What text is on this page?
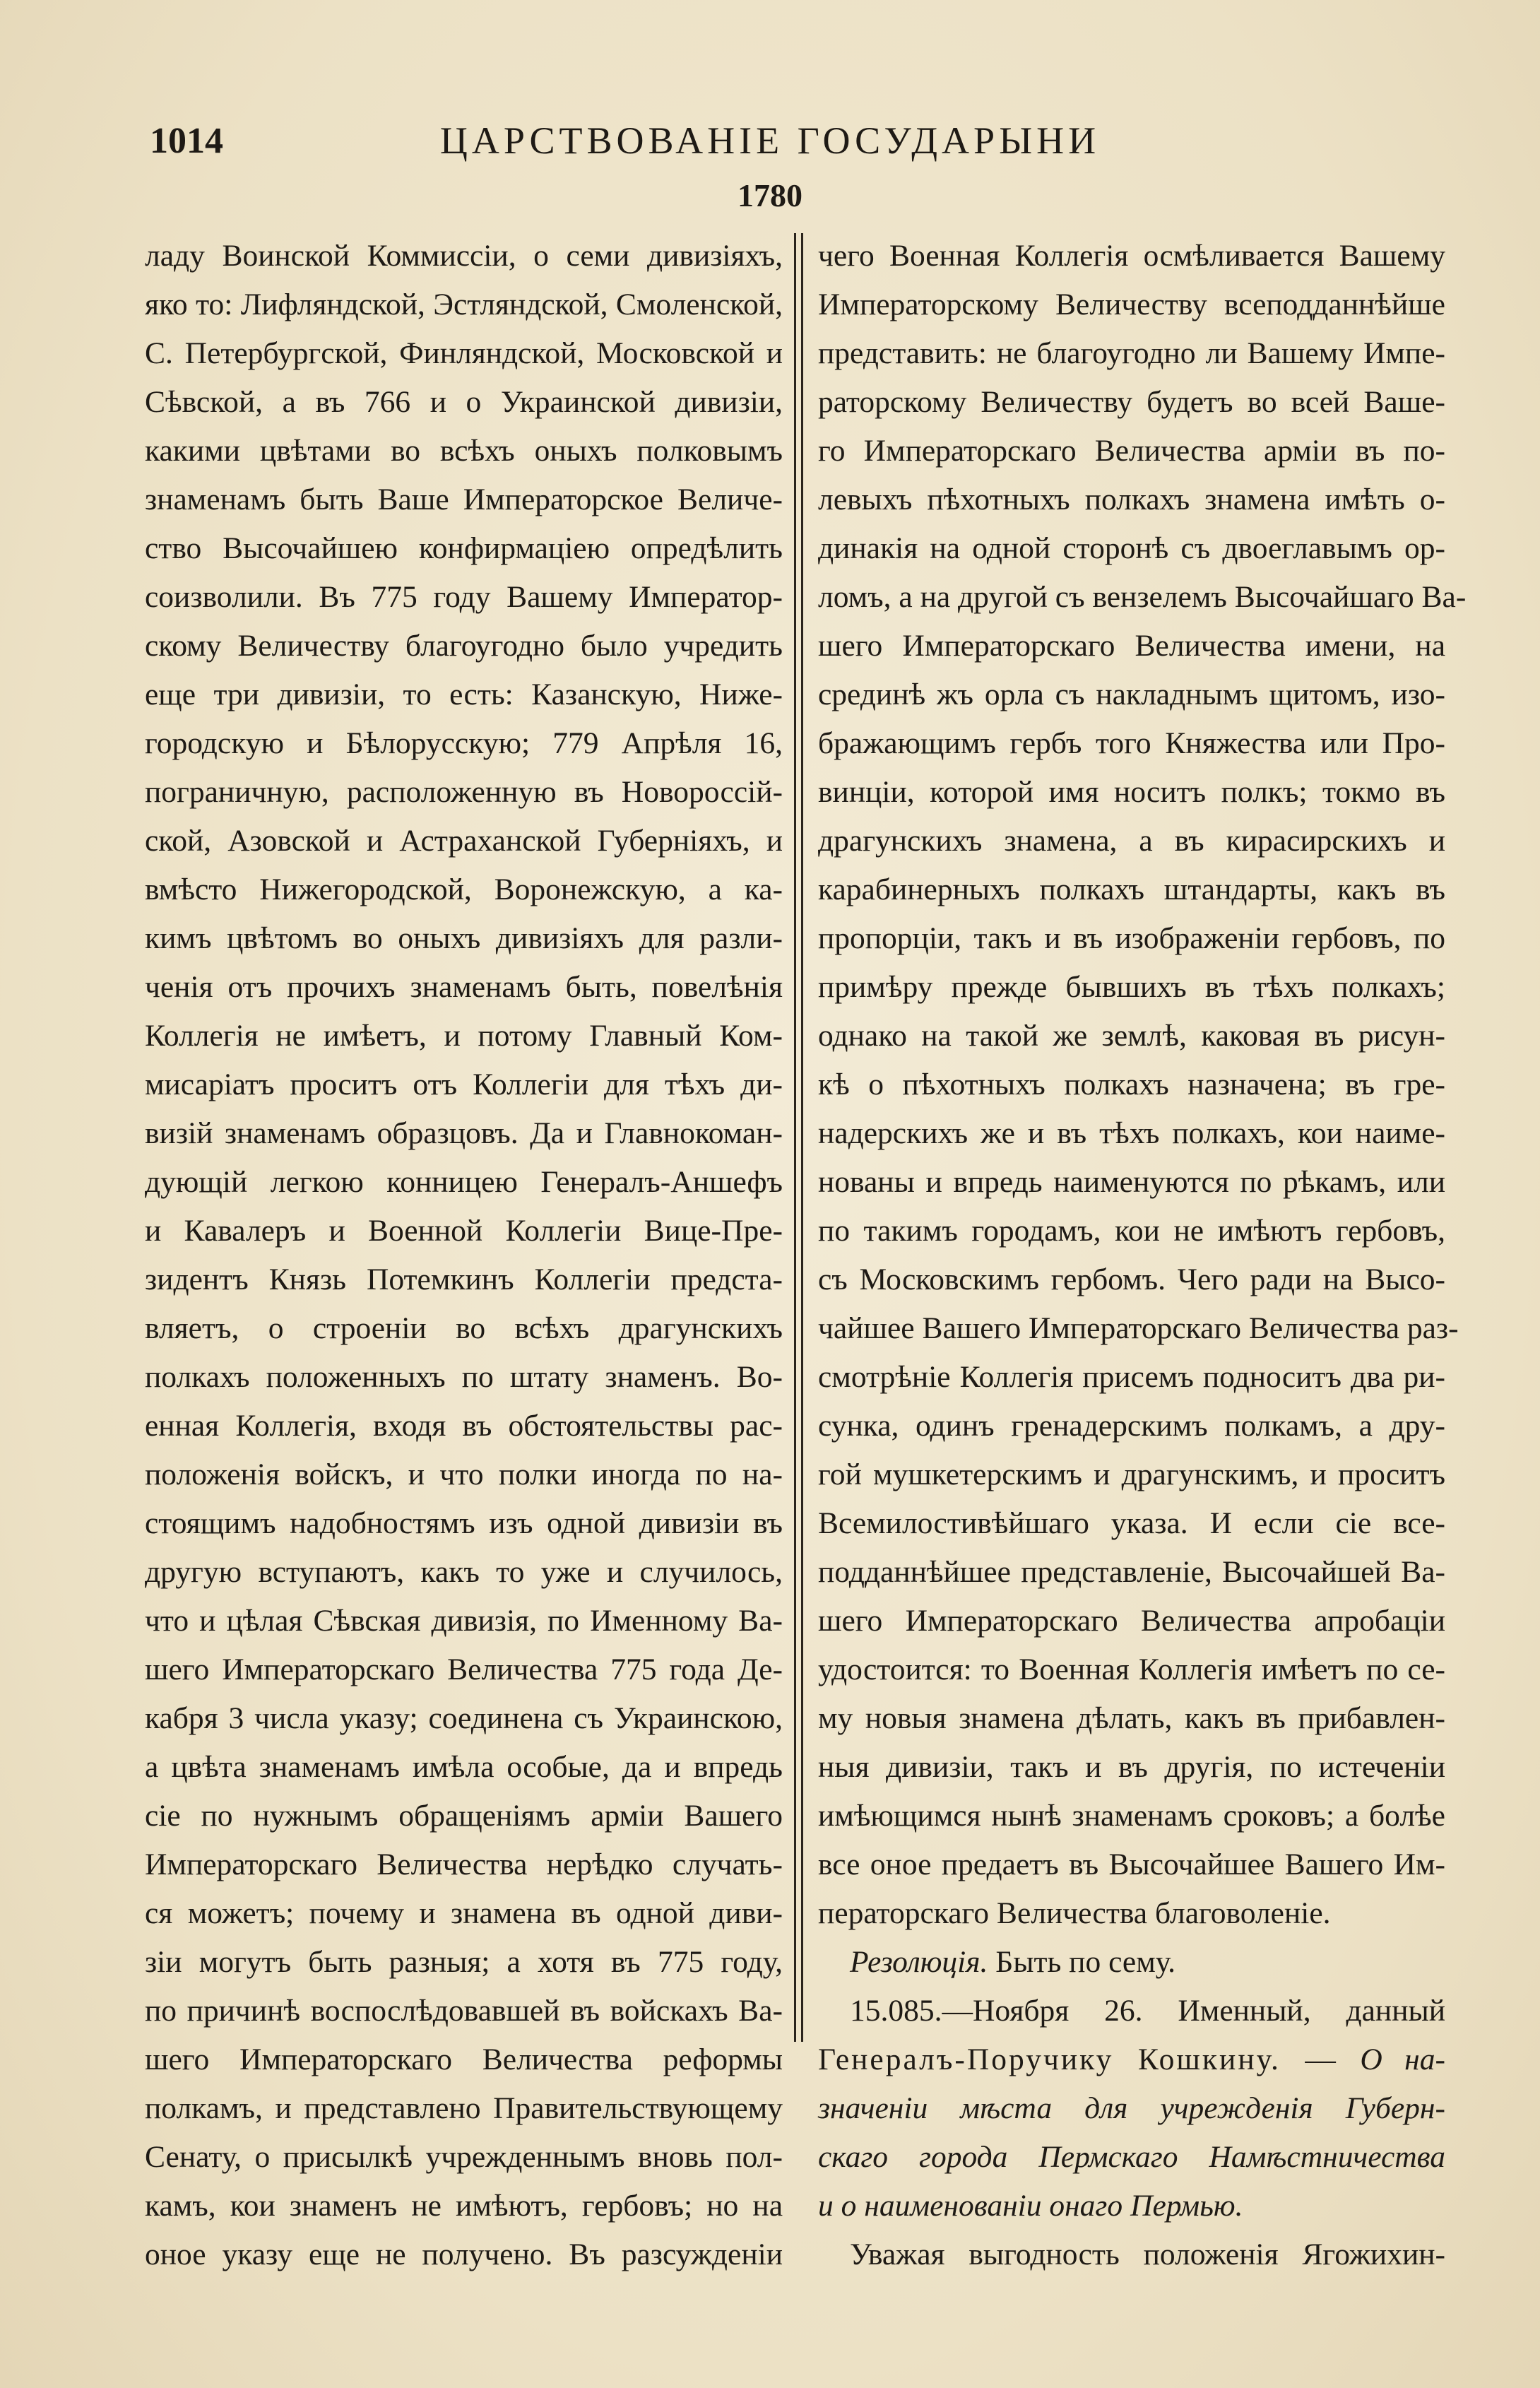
1014	ЦАРСТВОВАНІЕ ГОСУДАРЫНИ
1780
ладу Воинской Коммиссіи, о семи дивизіяхъ,
яко то: Лифляндской, Эстляндской, Смоленской,
С. Петербургской, Финляндской, Московской и
Сѣвской, а въ 766 и о Украинской дивизіи,
какими цвѣтами во всѣхъ оныхъ полковымъ
знаменамъ быть Ваше Императорское Величе-
ство Высочайшею конфирмаціею опредѣлить
соизволили. Въ 775 году Вашему Император-
скому Величеству благоугодно было учредить
еще три дивизіи, то есть: Казанскую, Ниже-
городскую и Бѣлорусскую; 779 Апрѣля 16,
пограничную, расположенную въ Новороссій-
ской, Азовской и Астраханской Губерніяхъ, и
вмѣсто Нижегородской, Воронежскую, а ка-
кимъ цвѣтомъ во оныхъ дивизіяхъ для разли-
ченія отъ прочихъ знаменамъ быть, повелѣнія
Коллегія не имѣетъ, и потому Главный Ком-
мисаріатъ проситъ отъ Коллегіи для тѣхъ ди-
визій знаменамъ образцовъ. Да и Главнокоман-
дующій легкою конницею Генералъ-Аншефъ
и Кавалеръ и Военной Коллегіи Вице-Пре-
зидентъ Князь Потемкинъ Коллегіи предста-
вляетъ, о строеніи во всѣхъ драгунскихъ
полкахъ положенныхъ по штату знаменъ. Во-
енная Коллегія, входя въ обстоятельствы рас-
положенія войскъ, и что полки иногда по на-
стоящимъ надобностямъ изъ одной дивизіи въ
другую вступаютъ, какъ то уже и случилось,
что и цѣлая Сѣвская дивизія, по Именному Ва-
шего Императорскаго Величества 775 года Де-
кабря 3 числа указу; соединена съ Украинскою,
а цвѣта знаменамъ имѣла особые, да и впредь
сіе по нужнымъ обращеніямъ арміи Вашего
Императорскаго Величества нерѣдко случать-
ся можетъ; почему и знамена въ одной диви-
зіи могутъ быть разныя; а хотя въ 775 году,
по причинѣ воспослѣдовавшей въ войскахъ Ва-
шего Императорскаго Величества реформы
полкамъ, и представлено Правительствующему
Сенату, о присылкѣ учрежденнымъ вновь пол-
камъ, кои знаменъ не имѣютъ, гербовъ; но на
оное указу еще не получено. Въ разсужденіи
чего Военная Коллегія осмѣливается Вашему
Императорскому Величеству всеподданнѣйше
представить: не благоугодно ли Вашему Импе-
раторскому Величеству будетъ во всей Ваше-
го Императорскаго Величества арміи въ по-
левыхъ пѣхотныхъ полкахъ знамена имѣть о-
динакія на одной сторонѣ съ двоеглавымъ ор-
ломъ, а на другой съ вензелемъ Высочайшаго Ва-
шего Императорскаго Величества имени, на
срединѣ жъ орла съ накладнымъ щитомъ, изо-
бражающимъ гербъ того Княжества или Про-
винціи, которой имя носитъ полкъ; токмо въ
драгунскихъ знамена, а въ кирасирскихъ и
карабинерныхъ полкахъ штандарты, какъ въ
пропорціи, такъ и въ изображеніи гербовъ, по
примѣру прежде бывшихъ въ тѣхъ полкахъ;
однако на такой же землѣ, каковая въ рисун-
кѣ о пѣхотныхъ полкахъ назначена; въ гре-
надерскихъ же и въ тѣхъ полкахъ, кои наиме-
нованы и впредь наименуются по рѣкамъ, или
по такимъ городамъ, кои не имѣютъ гербовъ,
съ Московскимъ гербомъ. Чего ради на Высо-
чайшее Вашего Императорскаго Величества раз-
смотрѣніе Коллегія присемъ подноситъ два ри-
сунка, одинъ гренадерскимъ полкамъ, а дру-
гой мушкетерскимъ и драгунскимъ, и проситъ
Всемилостивѣйшаго указа. И если сіе все-
подданнѣйшее представленіе, Высочайшей Ва-
шего Императорскаго Величества апробаціи
удостоится: то Военная Коллегія имѣетъ по се-
му новыя знамена дѣлать, какъ въ прибавлен-
ныя дивизіи, такъ и въ другія, по истеченіи
имѣющимся нынѣ знаменамъ сроковъ; а болѣе
все оное предаетъ въ Высочайшее Вашего Им-
ператорскаго Величества благоволеніе.
Резолюція. Быть по сему.
15.085.—Ноября 26. Именный, данный
Генералъ-Поручику Кошкину. — О на-
значеніи мѣста для учрежденія Губерн-
скаго города Пермскаго Намѣстничества
и о наименованіи онаго Пермью.
Уважая выгодность положенія Ягожихин-
